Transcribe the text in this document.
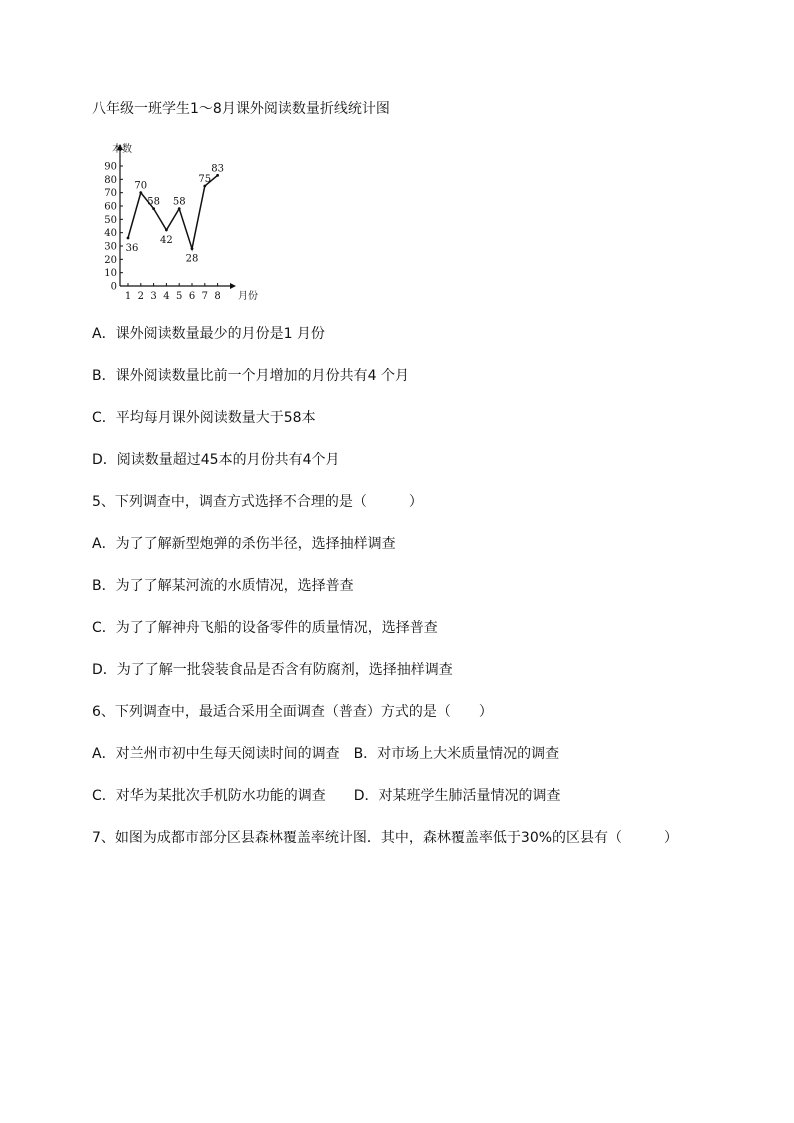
八年级一班学生1～8月课外阅读数量折线统计图
本数
月份
0
10
20
30
40
50
60
70
80
90
1 2 3 4 5 6 7 8
36
70
58
42
58
28
75
83
A．课外阅读数量最少的月份是1 月份
B．课外阅读数量比前一个月增加的月份共有4 个月
C．平均每月课外阅读数量大于58本
D．阅读数量超过45本的月份共有4个月
5、下列调查中，调查方式选择不合理的是（　　　）
A．为了了解新型炮弹的杀伤半径，选择抽样调查
B．为了了解某河流的水质情况，选择普查
C．为了了解神舟飞船的设备零件的质量情况，选择普查
D．为了了解一批袋装食品是否含有防腐剂，选择抽样调查
6、下列调查中，最适合采用全面调查（普查）方式的是（　　）
A．对兰州市初中生每天阅读时间的调查　B．对市场上大米质量情况的调查
C．对华为某批次手机防水功能的调查　　D．对某班学生肺活量情况的调查
7、如图为成都市部分区县森林覆盖率统计图．其中，森林覆盖率低于30%的区县有（　　　）
